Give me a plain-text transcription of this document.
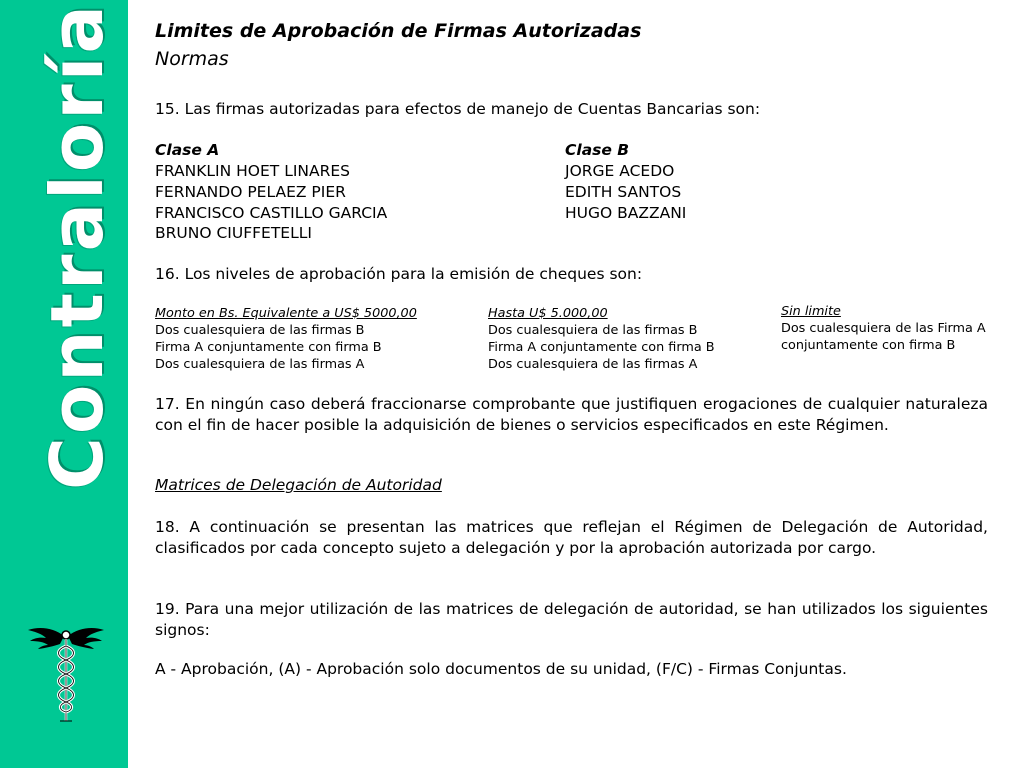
Contraloría Limites de Aprobación de Firmas Autorizadas
Normas
15. Las firmas autorizadas para efectos de manejo de Cuentas Bancarias son:
Clase A
FRANKLIN HOET LINARES
FERNANDO PELAEZ PIER
FRANCISCO CASTILLO GARCIA
BRUNO CIUFFETELLI
Clase B
JORGE ACEDO
EDITH SANTOS
HUGO BAZZANI
16. Los niveles de aprobación para la emisión de cheques son:
Monto en Bs. Equivalente a US$ 5000,00
Dos cualesquiera de las firmas B
Firma A conjuntamente con firma B
Dos cualesquiera de las firmas A
Hasta U$ 5.000,00
Dos cualesquiera de las firmas B
Firma A conjuntamente con firma B
Dos cualesquiera de las firmas A
Sin limite
Dos cualesquiera de las Firma A
conjuntamente con firma B
17. En ningún caso deberá fraccionarse comprobante que justifiquen erogaciones de cualquier naturaleza con el fin de hacer posible la adquisición de bienes o servicios especificados en este Régimen.
Matrices de Delegación de Autoridad
18. A continuación se presentan las matrices que reflejan el Régimen de Delegación de Autoridad, clasificados por cada concepto sujeto a delegación y por la aprobación autorizada por cargo.
19. Para una mejor utilización de las matrices de delegación de autoridad, se han utilizados los siguientes signos:
A - Aprobación, (A) - Aprobación solo documentos de su unidad, (F/C) - Firmas Conjuntas.
